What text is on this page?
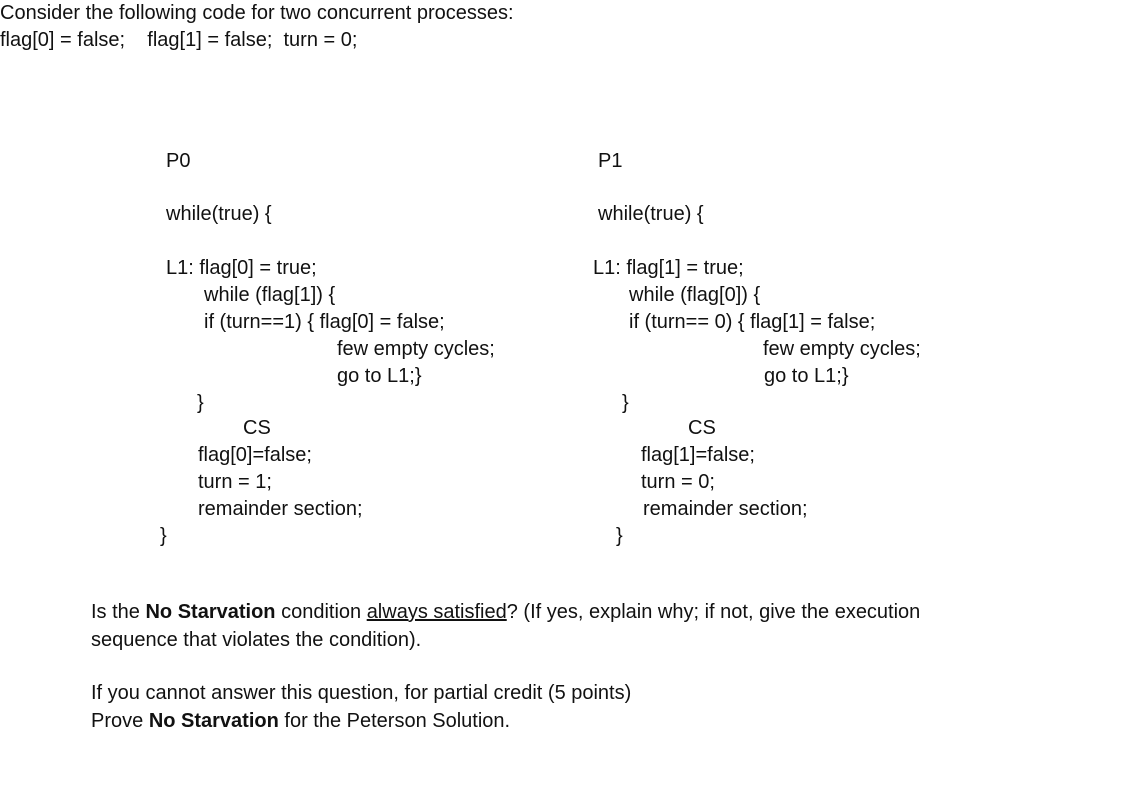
Consider the following code for two concurrent processes:
flag[0] = false;    flag[1] = false;  turn = 0;
P0
while(true) {
L1: flag[0] = true;
while (flag[1]) {
if (turn==1) { flag[0] = false;
few empty cycles;
go to L1;}
}
CS
flag[0]=false;
turn = 1;
remainder section;
}
P1
while(true) {
L1: flag[1] = true;
while (flag[0]) {
if (turn== 0) { flag[1] = false;
few empty cycles;
go to L1;}
}
CS
flag[1]=false;
turn = 0;
remainder section;
}
Is the No Starvation condition always satisfied? (If yes, explain why; if not, give the execution
sequence that violates the condition).
If you cannot answer this question, for partial credit (5 points)
Prove No Starvation for the Peterson Solution.
